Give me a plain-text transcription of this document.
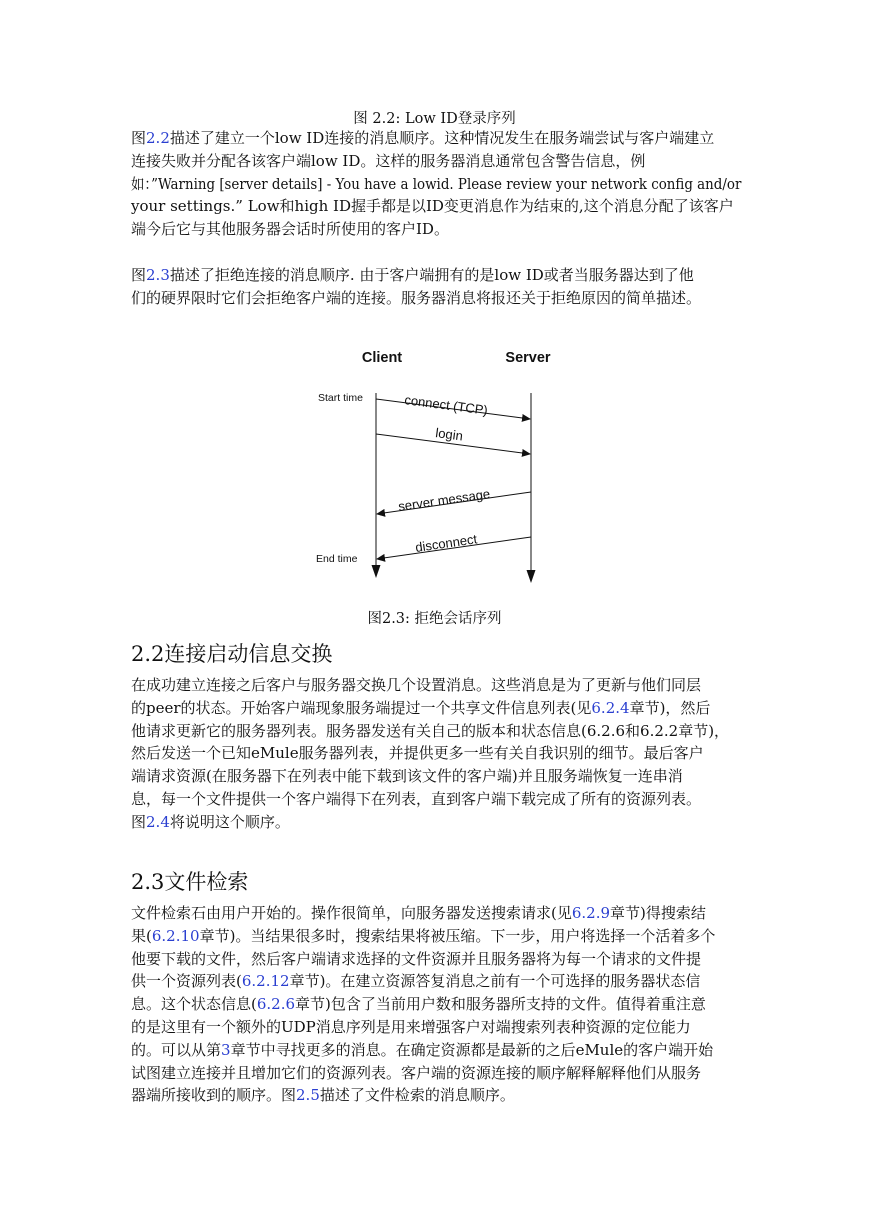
图 2.2: Low ID登录序列

图2.2描述了建立一个low ID连接的消息顺序。这种情况发生在服务端尝试与客户端建立
连接失败并分配各该客户端low ID。这样的服务器消息通常包含警告信息，例
如：”Warning [server details] - You have a lowid. Please review your network config and/or
your settings.” Low和high ID握手都是以ID变更消息作为结束的,这个消息分配了该客户
端今后它与其他服务器会话时所使用的客户ID。

图2.3描述了拒绝连接的消息顺序. 由于客户端拥有的是low ID或者当服务器达到了他
们的硬界限时它们会拒绝客户端的连接。服务器消息将报还关于拒绝原因的简单描述。

Client	Server
Start time
End time
connect (TCP)
login
server message
disconnect
图2.3: 拒绝会话序列
2.2连接启动信息交换

在成功建立连接之后客户与服务器交换几个设置消息。这些消息是为了更新与他们同层
的peer的状态。开始客户端现象服务端提过一个共享文件信息列表(见6.2.4章节)，然后
他请求更新它的服务器列表。服务器发送有关自己的版本和状态信息(6.2.6和6.2.2章节)，
然后发送一个已知eMule服务器列表，并提供更多一些有关自我识别的细节。最后客户
端请求资源(在服务器下在列表中能下载到该文件的客户端)并且服务端恢复一连串消
息，每一个文件提供一个客户端得下在列表，直到客户端下载完成了所有的资源列表。
图2.4将说明这个顺序。

2.3文件检索

文件检索石由用户开始的。操作很简单，向服务器发送搜索请求(见6.2.9章节)得搜索结
果(6.2.10章节)。当结果很多时，搜索结果将被压缩。下一步，用户将选择一个活着多个
他要下载的文件，然后客户端请求选择的文件资源并且服务器将为每一个请求的文件提
供一个资源列表(6.2.12章节)。在建立资源答复消息之前有一个可选择的服务器状态信
息。这个状态信息(6.2.6章节)包含了当前用户数和服务器所支持的文件。值得着重注意
的是这里有一个额外的UDP消息序列是用来增强客户对端搜索列表种资源的定位能力
的。可以从第3章节中寻找更多的消息。在确定资源都是最新的之后eMule的客户端开始
试图建立连接并且增加它们的资源列表。客户端的资源连接的顺序解释解释他们从服务
器端所接收到的顺序。图2.5描述了文件检索的消息顺序。
